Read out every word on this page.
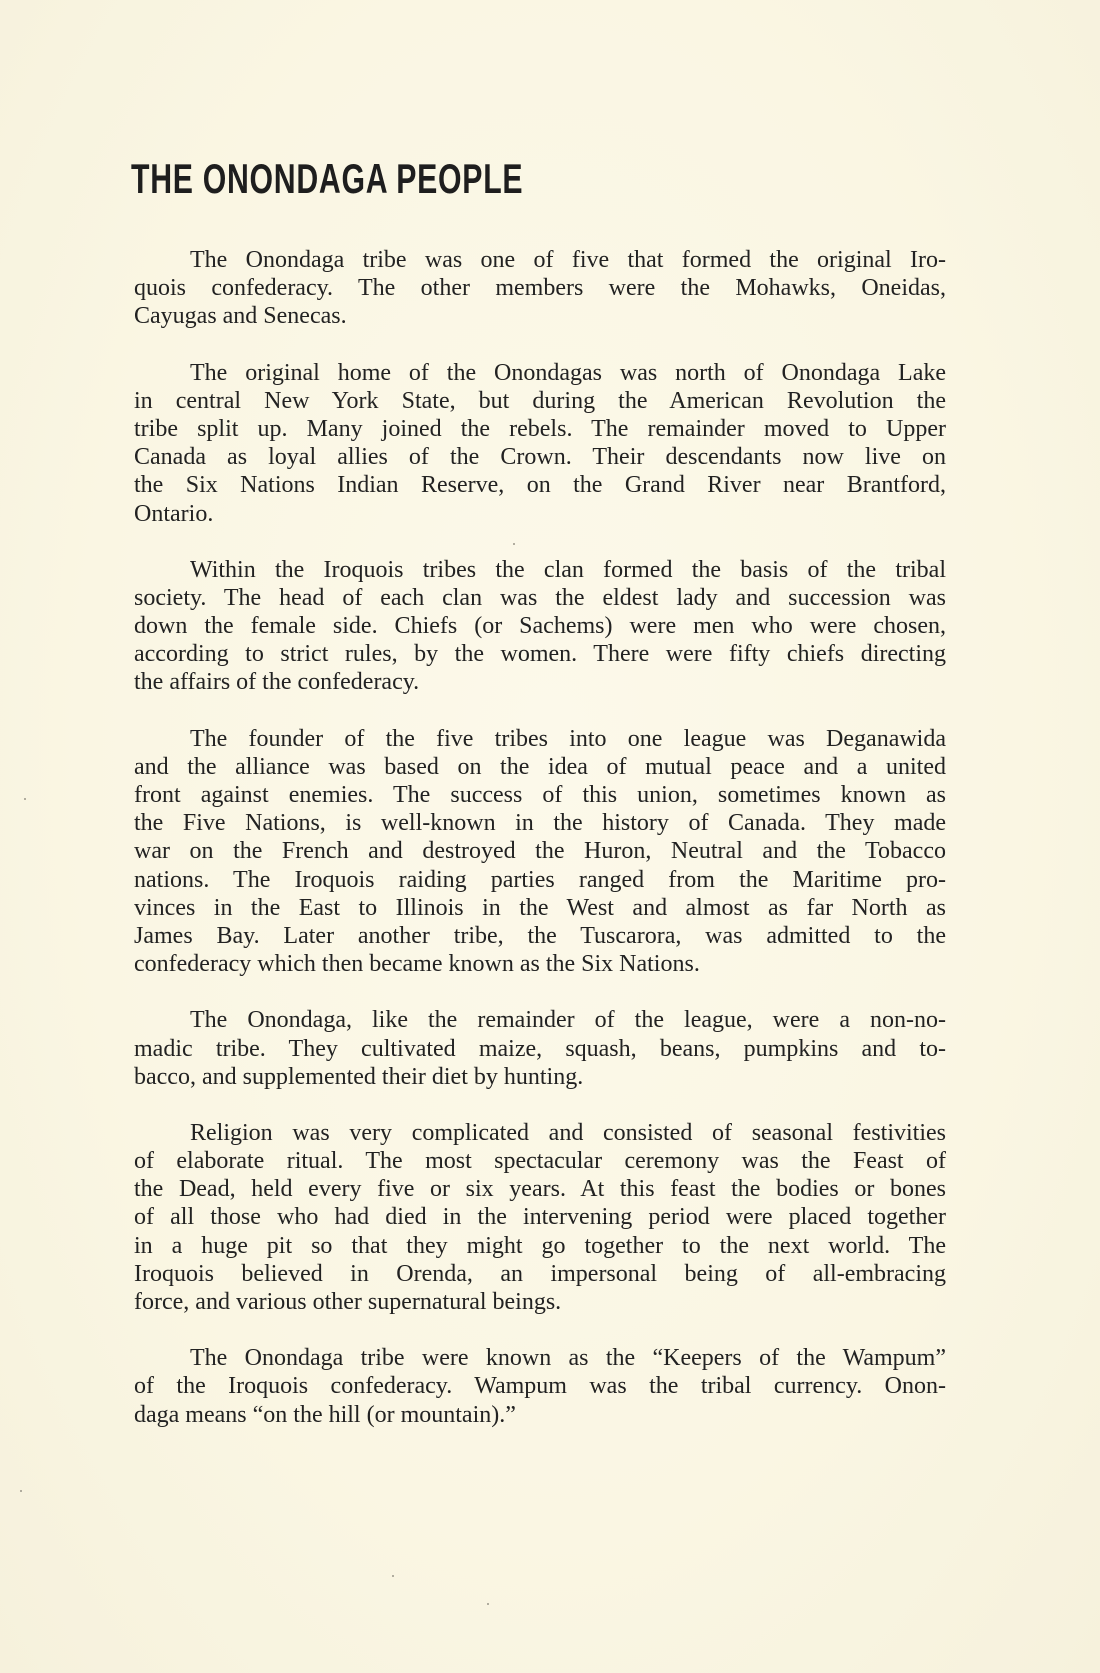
THE ONONDAGA PEOPLE

The Onondaga tribe was one of five that formed the original Iro-
quois confederacy. The other members were the Mohawks, Oneidas,
Cayugas and Senecas.

The original home of the Onondagas was north of Onondaga Lake
in central New York State, but during the American Revolution the
tribe split up. Many joined the rebels. The remainder moved to Upper
Canada as loyal allies of the Crown. Their descendants now live on
the Six Nations Indian Reserve, on the Grand River near Brantford,
Ontario.

Within the Iroquois tribes the clan formed the basis of the tribal
society. The head of each clan was the eldest lady and succession was
down the female side. Chiefs (or Sachems) were men who were chosen,
according to strict rules, by the women. There were fifty chiefs directing
the affairs of the confederacy.

The founder of the five tribes into one league was Deganawida
and the alliance was based on the idea of mutual peace and a united
front against enemies. The success of this union, sometimes known as
the Five Nations, is well-known in the history of Canada. They made
war on the French and destroyed the Huron, Neutral and the Tobacco
nations. The Iroquois raiding parties ranged from the Maritime pro-
vinces in the East to Illinois in the West and almost as far North as
James Bay. Later another tribe, the Tuscarora, was admitted to the
confederacy which then became known as the Six Nations.

The Onondaga, like the remainder of the league, were a non-no-
madic tribe. They cultivated maize, squash, beans, pumpkins and to-
bacco, and supplemented their diet by hunting.

Religion was very complicated and consisted of seasonal festivities
of elaborate ritual. The most spectacular ceremony was the Feast of
the Dead, held every five or six years. At this feast the bodies or bones
of all those who had died in the intervening period were placed together
in a huge pit so that they might go together to the next world. The
Iroquois believed in Orenda, an impersonal being of all-embracing
force, and various other supernatural beings.

The Onondaga tribe were known as the “Keepers of the Wampum”
of the Iroquois confederacy. Wampum was the tribal currency. Onon-
daga means “on the hill (or mountain).”
